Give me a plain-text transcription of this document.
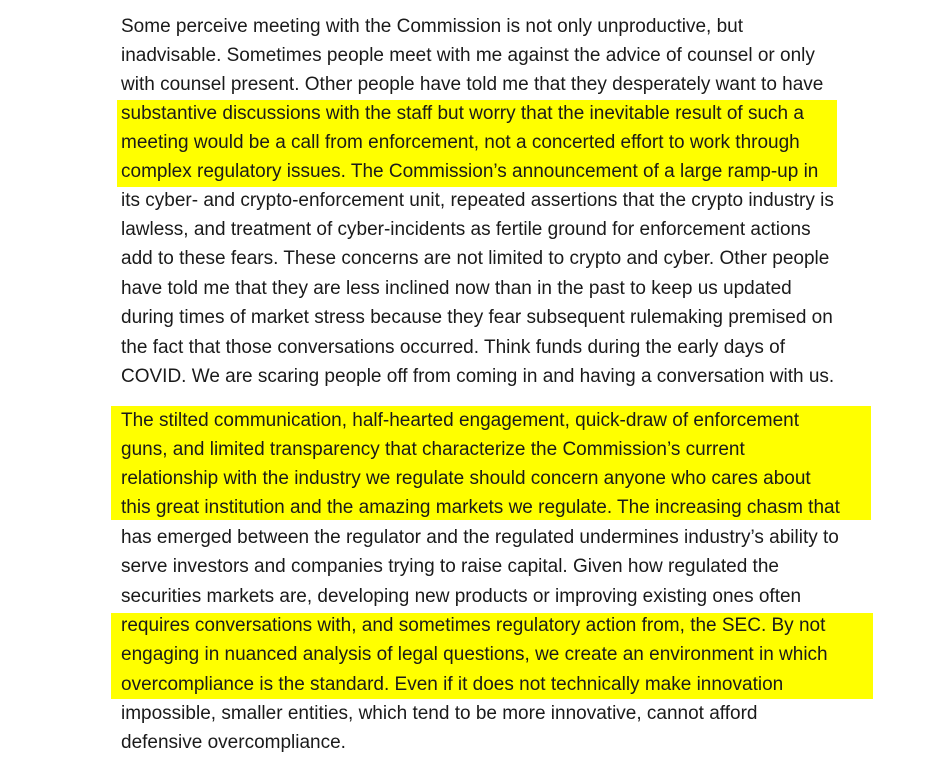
Some perceive meeting with the Commission is not only unproductive, but
inadvisable. Sometimes people meet with me against the advice of counsel or only
with counsel present. Other people have told me that they desperately want to have
substantive discussions with the staff but worry that the inevitable result of such a
meeting would be a call from enforcement, not a concerted effort to work through
complex regulatory issues. The Commission’s announcement of a large ramp-up in
its cyber- and crypto-enforcement unit, repeated assertions that the crypto industry is
lawless, and treatment of cyber-incidents as fertile ground for enforcement actions
add to these fears. These concerns are not limited to crypto and cyber. Other people
have told me that they are less inclined now than in the past to keep us updated
during times of market stress because they fear subsequent rulemaking premised on
the fact that those conversations occurred. Think funds during the early days of
COVID. We are scaring people off from coming in and having a conversation with us.
The stilted communication, half-hearted engagement, quick-draw of enforcement
guns, and limited transparency that characterize the Commission’s current
relationship with the industry we regulate should concern anyone who cares about
this great institution and the amazing markets we regulate. The increasing chasm that
has emerged between the regulator and the regulated undermines industry’s ability to
serve investors and companies trying to raise capital. Given how regulated the
securities markets are, developing new products or improving existing ones often
requires conversations with, and sometimes regulatory action from, the SEC. By not
engaging in nuanced analysis of legal questions, we create an environment in which
overcompliance is the standard. Even if it does not technically make innovation
impossible, smaller entities, which tend to be more innovative, cannot afford
defensive overcompliance.
